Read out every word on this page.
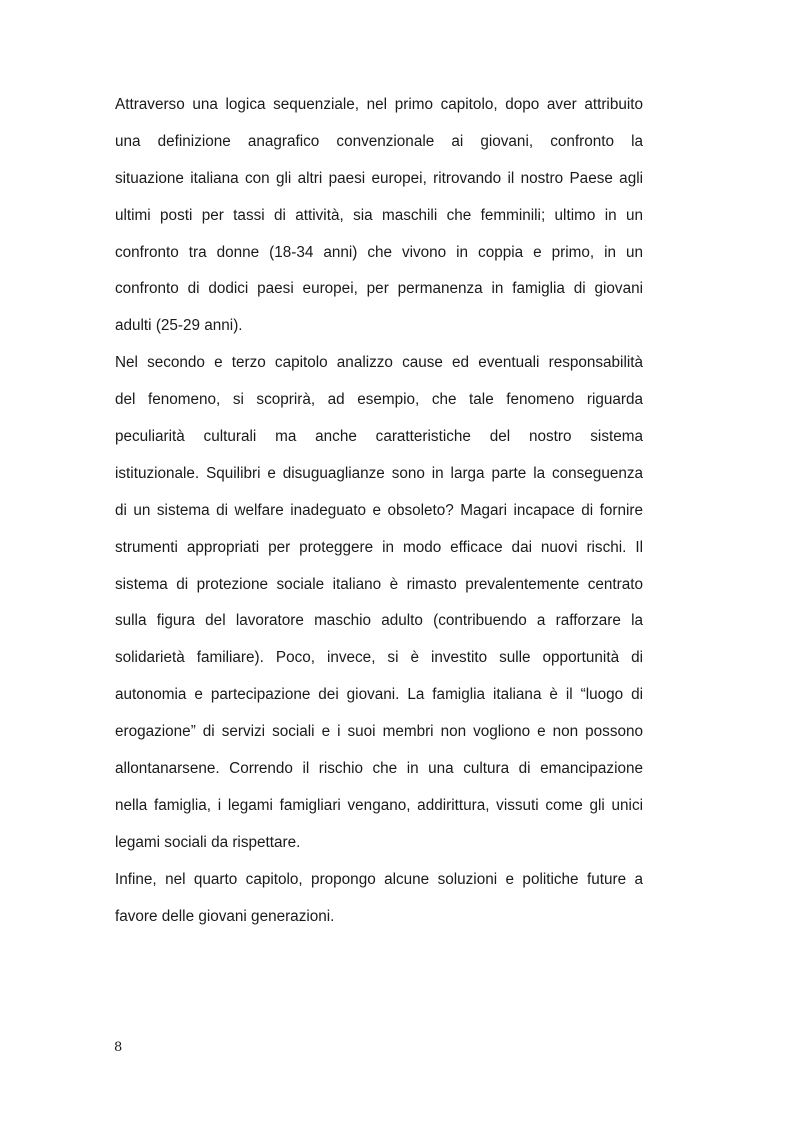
Attraverso una logica sequenziale, nel primo capitolo, dopo aver attribuito
una definizione anagrafico convenzionale ai giovani, confronto la
situazione italiana con gli altri paesi europei, ritrovando il nostro Paese agli
ultimi posti per tassi di attività, sia maschili che femminili; ultimo in un
confronto tra donne (18-34 anni) che vivono in coppia e primo, in un
confronto di dodici paesi europei, per permanenza in famiglia di giovani
adulti (25-29 anni).

Nel secondo e terzo capitolo analizzo cause ed eventuali responsabilità
del fenomeno, si scoprirà, ad esempio, che tale fenomeno riguarda
peculiarità culturali ma anche caratteristiche del nostro sistema
istituzionale. Squilibri e disuguaglianze sono in larga parte la conseguenza
di un sistema di welfare inadeguato e obsoleto? Magari incapace di fornire
strumenti appropriati per proteggere in modo efficace dai nuovi rischi. Il
sistema di protezione sociale italiano è rimasto prevalentemente centrato
sulla figura del lavoratore maschio adulto (contribuendo a rafforzare la
solidarietà familiare). Poco, invece, si è investito sulle opportunità di
autonomia e partecipazione dei giovani. La famiglia italiana è il “luogo di
erogazione” di servizi sociali e i suoi membri non vogliono e non possono
allontanarsene. Correndo il rischio che in una cultura di emancipazione
nella famiglia, i legami famigliari vengano, addirittura, vissuti come gli unici
legami sociali da rispettare.

Infine, nel quarto capitolo, propongo alcune soluzioni e politiche future a
favore delle giovani generazioni.

8
